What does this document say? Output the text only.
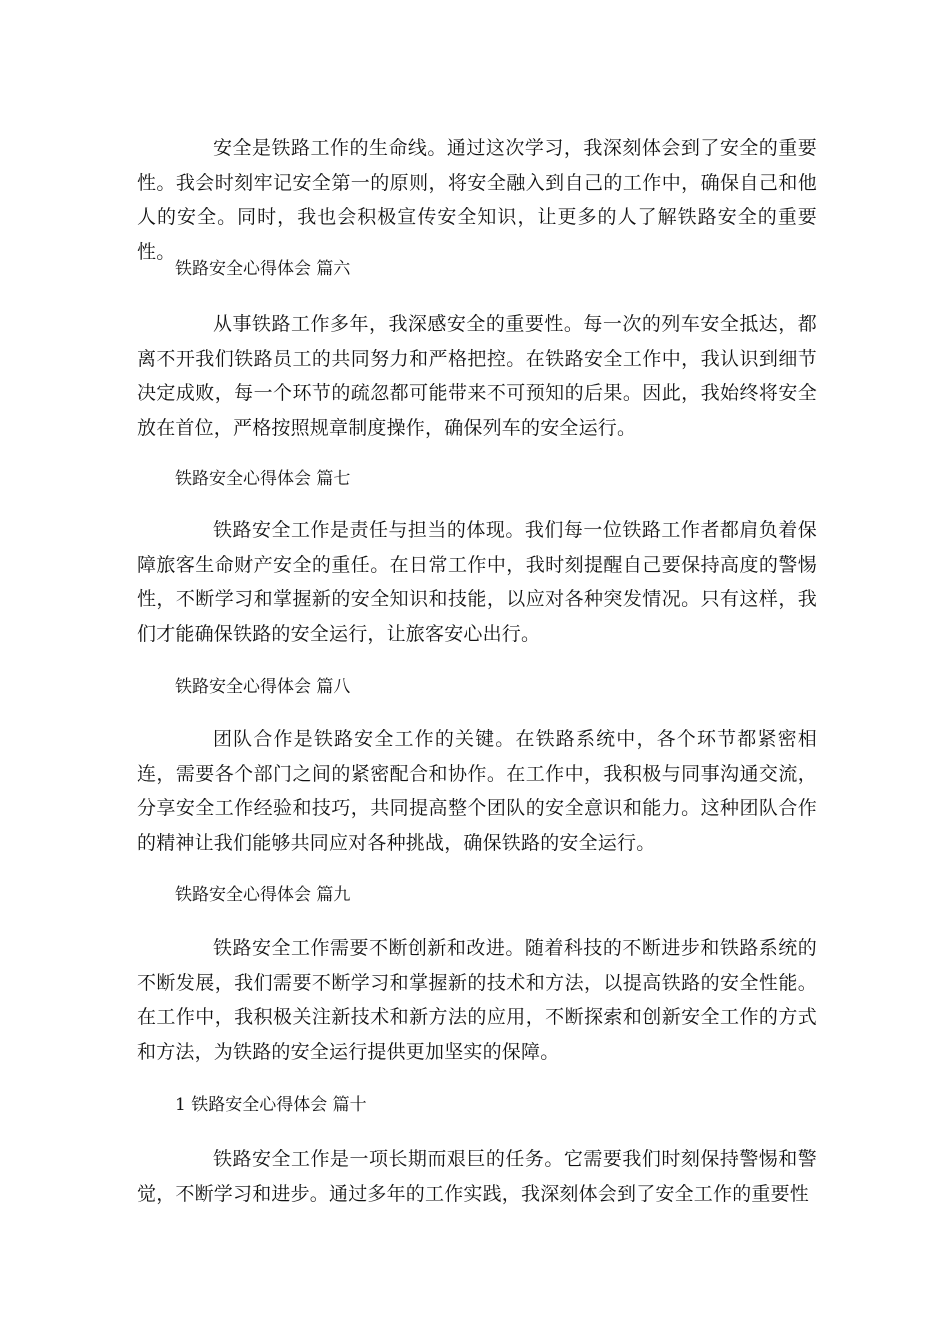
安全是铁路工作的生命线。通过这次学习，我深刻体会到了安全的重要性。我会时刻牢记安全第一的原则，将安全融入到自己的工作中，确保自己和他人的安全。同时，我也会积极宣传安全知识，让更多的人了解铁路安全的重要性。

铁路安全心得体会 篇六

从事铁路工作多年，我深感安全的重要性。每一次的列车安全抵达，都离不开我们铁路员工的共同努力和严格把控。在铁路安全工作中，我认识到细节决定成败，每一个环节的疏忽都可能带来不可预知的后果。因此，我始终将安全放在首位，严格按照规章制度操作，确保列车的安全运行。

铁路安全心得体会 篇七

铁路安全工作是责任与担当的体现。我们每一位铁路工作者都肩负着保障旅客生命财产安全的重任。在日常工作中，我时刻提醒自己要保持高度的警惕性，不断学习和掌握新的安全知识和技能，以应对各种突发情况。只有这样，我们才能确保铁路的安全运行，让旅客安心出行。

铁路安全心得体会 篇八

团队合作是铁路安全工作的关键。在铁路系统中，各个环节都紧密相连，需要各个部门之间的紧密配合和协作。在工作中，我积极与同事沟通交流，分享安全工作经验和技巧，共同提高整个团队的安全意识和能力。这种团队合作的精神让我们能够共同应对各种挑战，确保铁路的安全运行。

铁路安全心得体会 篇九

铁路安全工作需要不断创新和改进。随着科技的不断进步和铁路系统的不断发展，我们需要不断学习和掌握新的技术和方法，以提高铁路的安全性能。在工作中，我积极关注新技术和新方法的应用，不断探索和创新安全工作的方式和方法，为铁路的安全运行提供更加坚实的保障。

1 铁路安全心得体会 篇十

铁路安全工作是一项长期而艰巨的任务。它需要我们时刻保持警惕和警觉，不断学习和进步。通过多年的工作实践，我深刻体会到了安全工作的重要性
